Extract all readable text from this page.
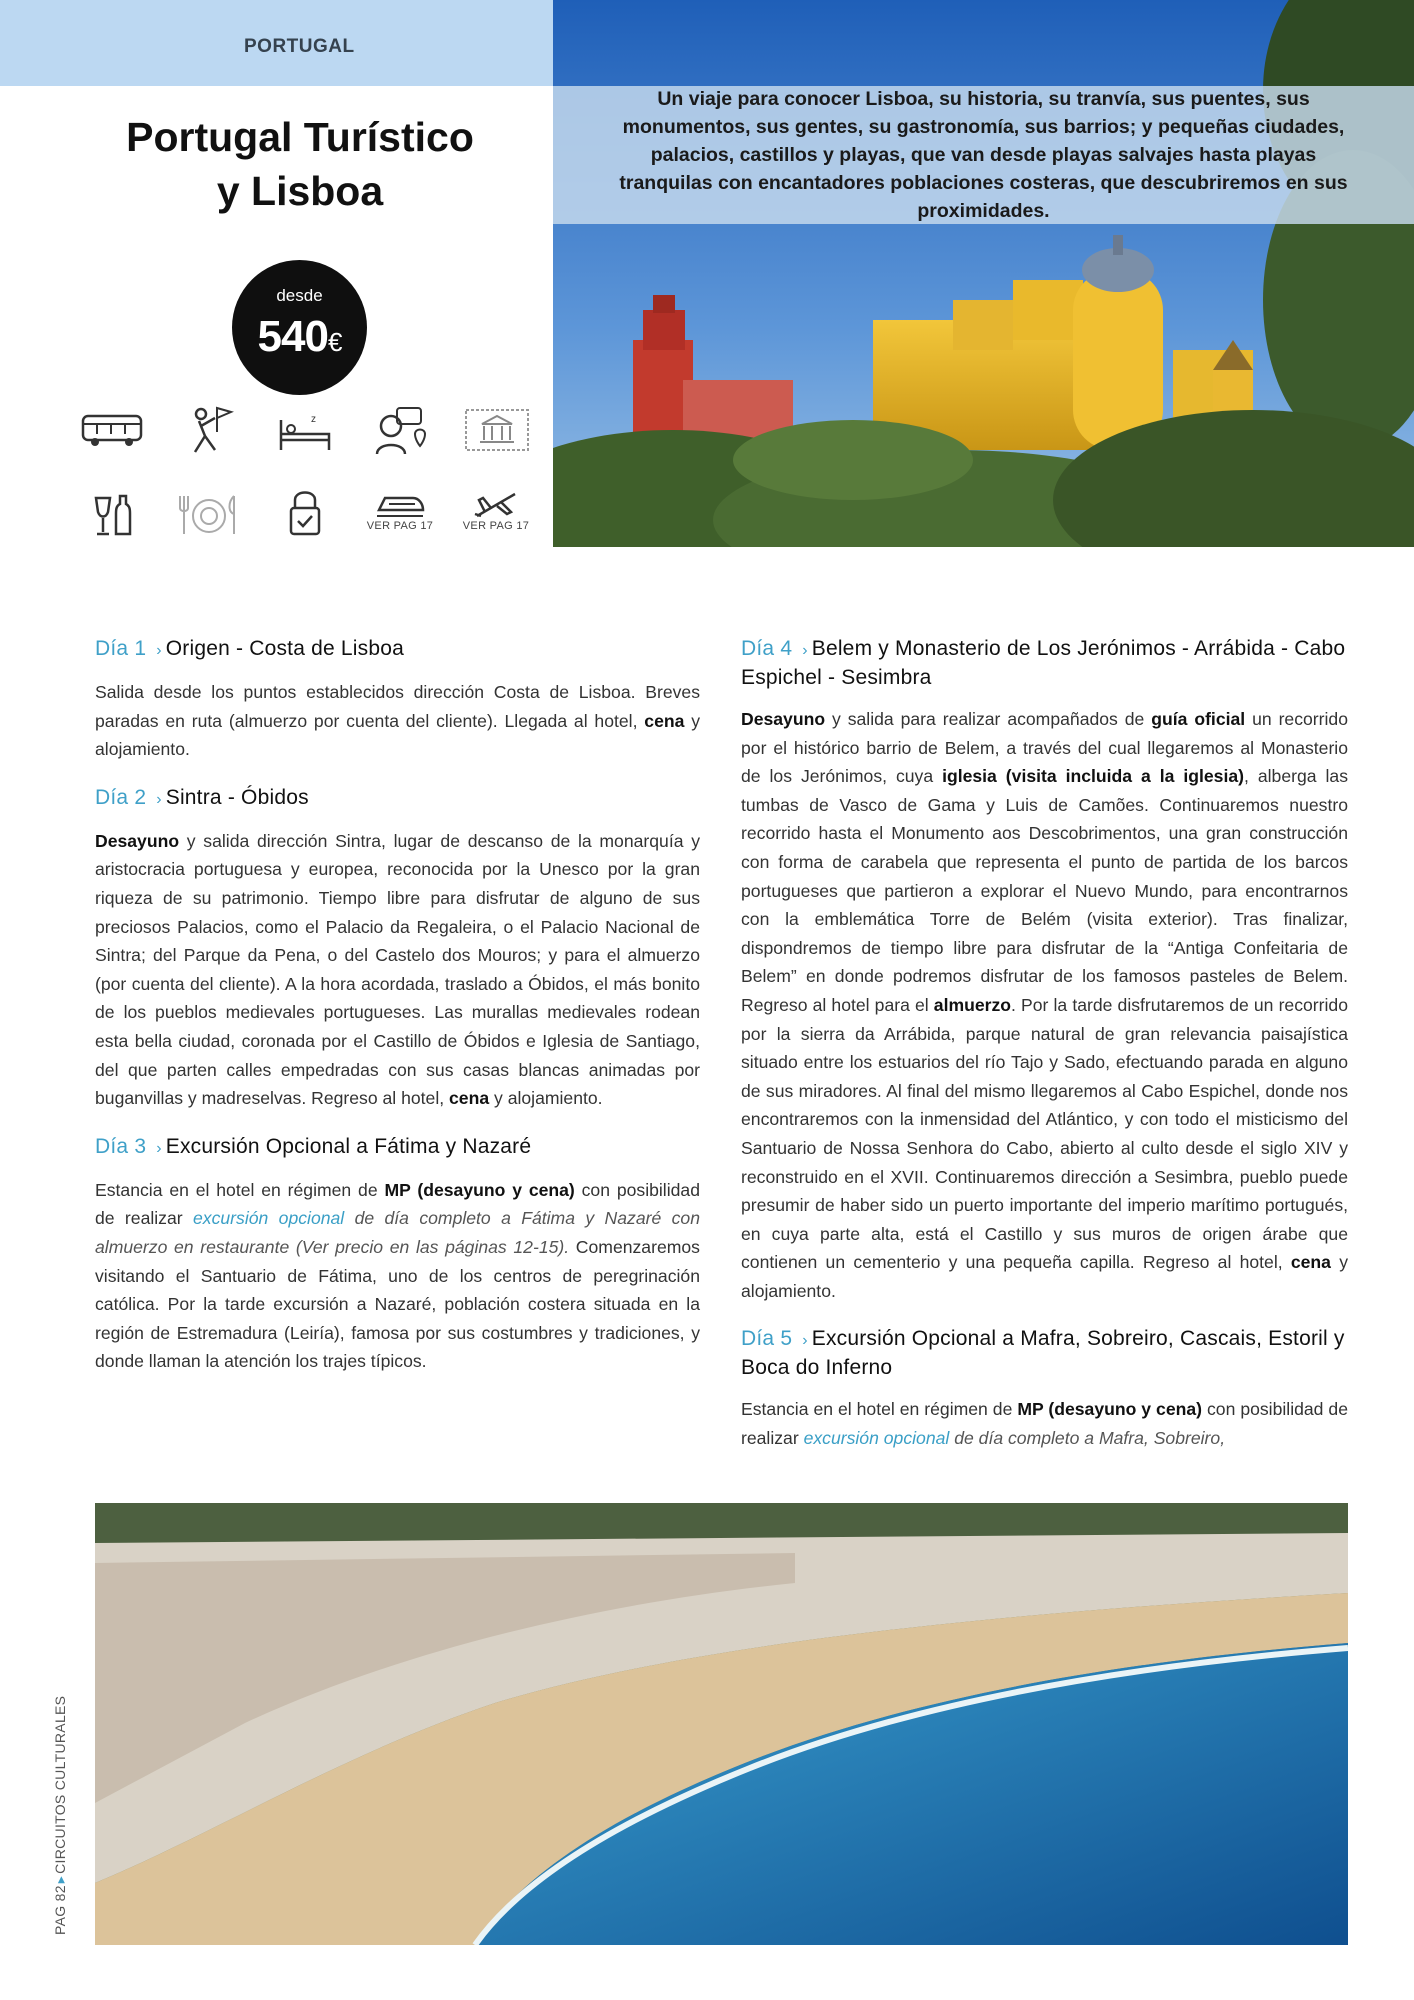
PORTUGAL

Un viaje para conocer Lisboa, su historia, su tranvía, sus puentes, sus monumentos, sus gentes, su gastronomía, sus barrios; y pequeñas ciudades, palacios, castillos y playas, que van desde playas salvajes hasta playas tranquilas con encantadores poblaciones costeras, que descubriremos en sus proximidades.

Portugal Turístico
y Lisboa
desde
540€
z
VER PAG 17	VER PAG 17
Día 1 › Origen - Costa de Lisboa

Salida desde los puntos establecidos dirección Costa de Lisboa. Breves paradas en ruta (almuerzo por cuenta del cliente). Llegada al hotel, cena y alojamiento.

Día 2 › Sintra - Óbidos

Desayuno y salida dirección Sintra, lugar de descanso de la monarquía y aristocracia portuguesa y europea, reconocida por la Unesco por la gran riqueza de su patrimonio. Tiempo libre para disfrutar de alguno de sus preciosos Palacios, como el Palacio da Regaleira, o el Palacio Nacional de Sintra; del Parque da Pena, o del Castelo dos Mouros; y para el almuerzo (por cuenta del cliente). A la hora acordada, traslado a Óbidos, el más bonito de los pueblos medievales portugueses. Las murallas medievales rodean esta bella ciudad, coronada por el Castillo de Óbidos e Iglesia de Santiago, del que parten calles empedradas con sus casas blancas animadas por buganvillas y madreselvas. Regreso al hotel, cena y alojamiento.

Día 3 › Excursión Opcional a Fátima y Nazaré

Estancia en el hotel en régimen de MP (desayuno y cena) con posibilidad de realizar excursión opcional de día completo a Fátima y Nazaré con almuerzo en restaurante (Ver precio en las páginas 12-15). Comenzaremos visitando el Santuario de Fátima, uno de los centros de peregrinación católica. Por la tarde excursión a Nazaré, población costera situada en la región de Estremadura (Leiría), famosa por sus costumbres y tradiciones, y donde llaman la atención los trajes típicos.

Día 4 › Belem y Monasterio de Los Jerónimos - Arrábida - Cabo Espichel - Sesimbra

Desayuno y salida para realizar acompañados de guía oficial un recorrido por el histórico barrio de Belem, a través del cual llegaremos al Monasterio de los Jerónimos, cuya iglesia (visita incluida a la iglesia), alberga las tumbas de Vasco de Gama y Luis de Camões. Continuaremos nuestro recorrido hasta el Monumento aos Descobrimentos, una gran construcción con forma de carabela que representa el punto de partida de los barcos portugueses que partieron a explorar el Nuevo Mundo, para encontrarnos con la emblemática Torre de Belém (visita exterior). Tras finalizar, dispondremos de tiempo libre para disfrutar de la “Antiga Confeitaria de Belem” en donde podremos disfrutar de los famosos pasteles de Belem. Regreso al hotel para el almuerzo. Por la tarde disfrutaremos de un recorrido por la sierra da Arrábida, parque natural de gran relevancia paisajística situado entre los estuarios del río Tajo y Sado, efectuando parada en alguno de sus miradores. Al final del mismo llegaremos al Cabo Espichel, donde nos encontraremos con la inmensidad del Atlántico, y con todo el misticismo del Santuario de Nossa Senhora do Cabo, abierto al culto desde el siglo XIV y reconstruido en el XVII. Continuaremos dirección a Sesimbra, pueblo puede presumir de haber sido un puerto importante del imperio marítimo portugués, en cuya parte alta, está el Castillo y sus muros de origen árabe que contienen un cementerio y una pequeña capilla. Regreso al hotel, cena y alojamiento.

Día 5 › Excursión Opcional a Mafra, Sobreiro, Cascais, Estoril y Boca do Inferno

Estancia en el hotel en régimen de MP (desayuno y cena) con posibilidad de realizar excursión opcional de día completo a Mafra, Sobreiro,

PAG 82▸CIRCUITOS CULTURALES
